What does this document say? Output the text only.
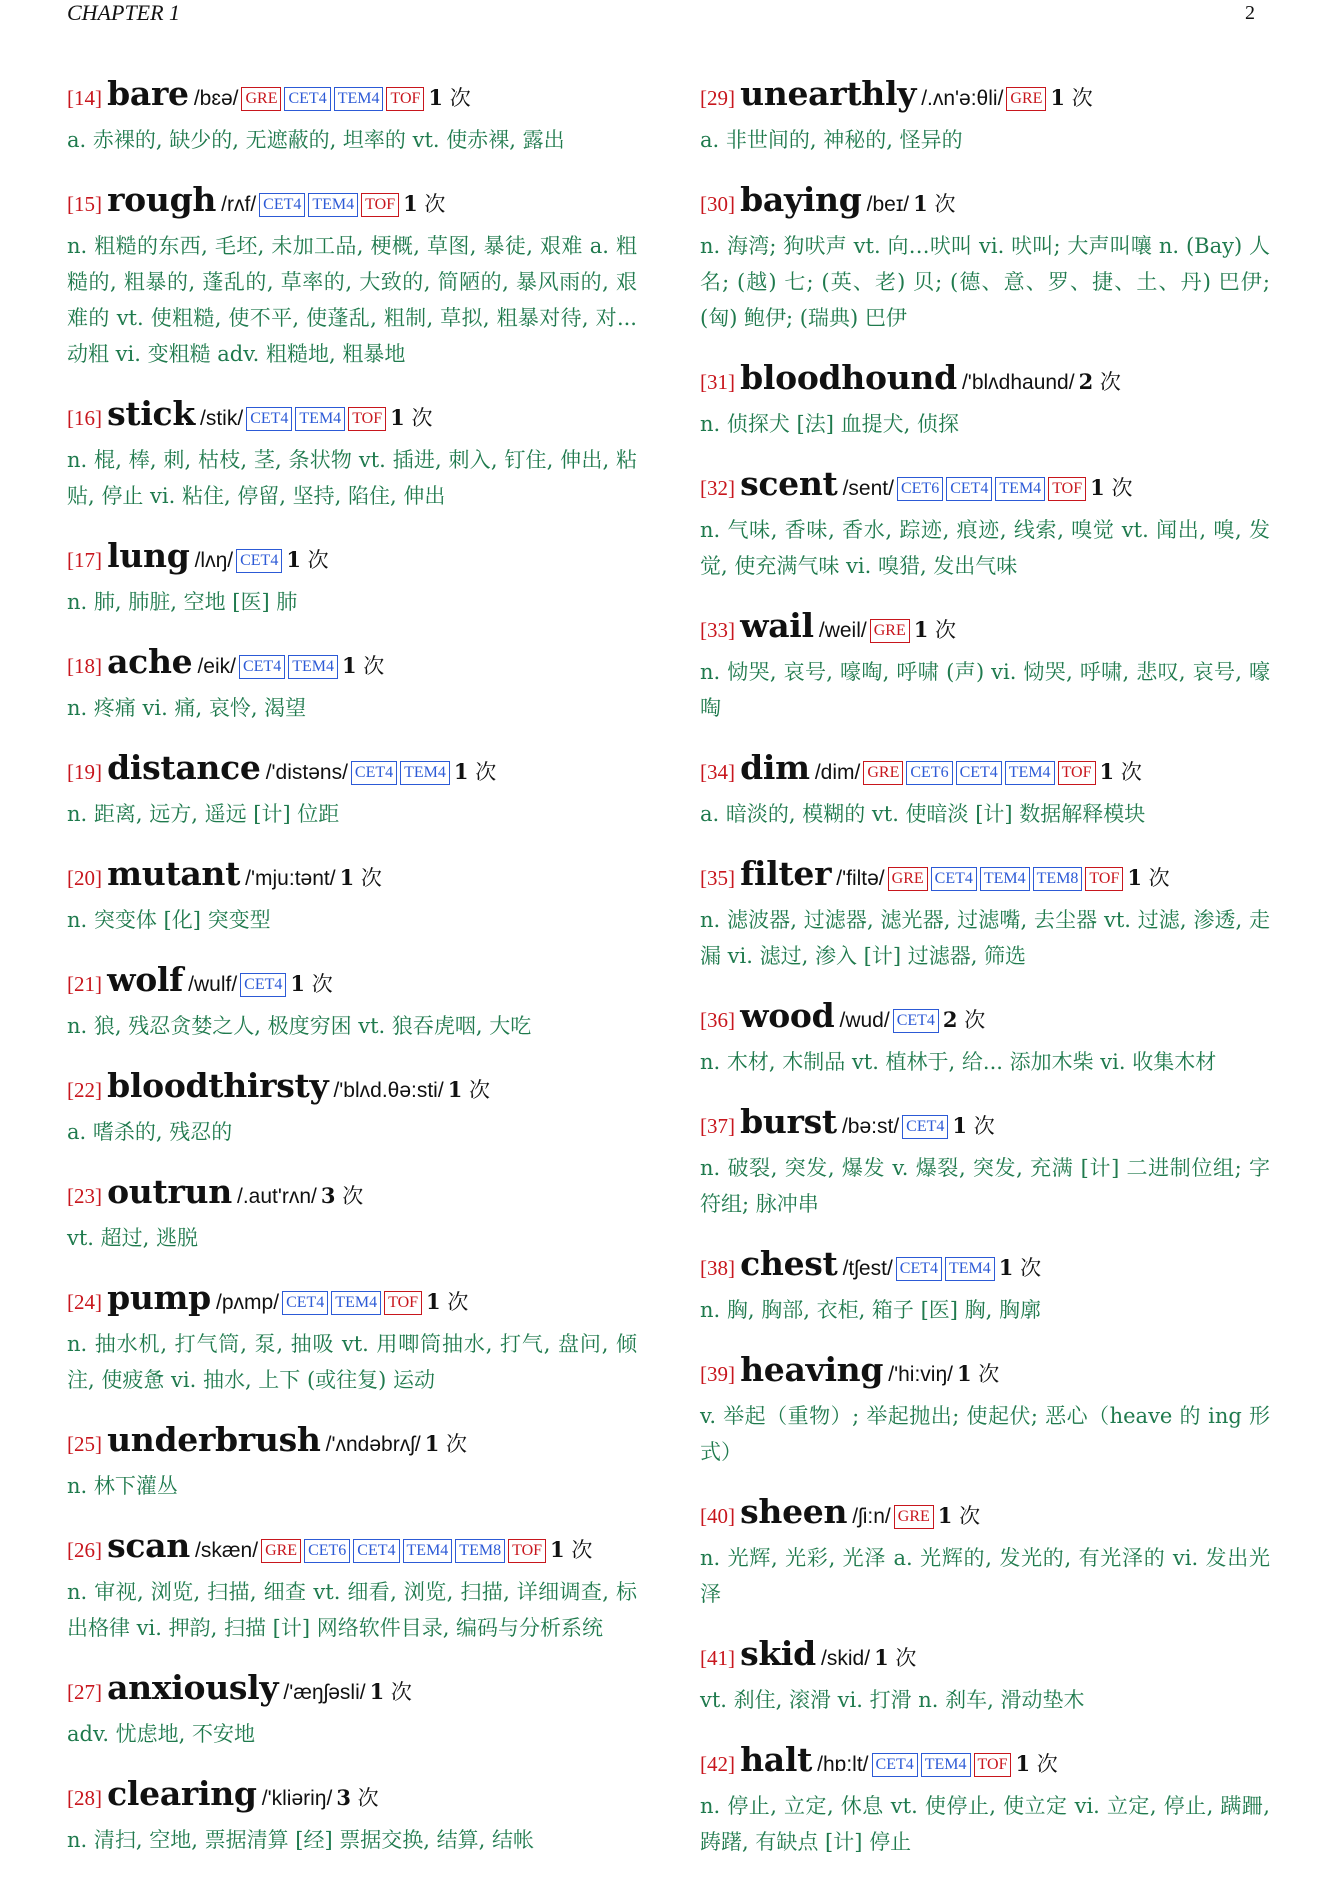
CHAPTER 1	2
[14] bare /bɛə/ GRE CET4 TEM4 TOF 1 次
a. 赤裸的, 缺少的, 无遮蔽的, 坦率的 vt. 使赤裸, 露出
[15] rough /rʌf/ CET4 TEM4 TOF 1 次
n. 粗糙的东西, 毛坯, 未加工品, 梗概, 草图, 暴徒, 艰难 a. 粗糙的, 粗暴的, 蓬乱的, 草率的, 大致的, 简陋的, 暴风雨的, 艰难的 vt. 使粗糙, 使不平, 使蓬乱, 粗制, 草拟, 粗暴对待, 对... 动粗 vi. 变粗糙 adv. 粗糙地, 粗暴地
[16] stick /stik/ CET4 TEM4 TOF 1 次
n. 棍, 棒, 刺, 枯枝, 茎, 条状物 vt. 插进, 刺入, 钉住, 伸出, 粘贴, 停止 vi. 粘住, 停留, 坚持, 陷住, 伸出
[17] lung /lʌŋ/ CET4 1 次
n. 肺, 肺脏, 空地 [医] 肺
[18] ache /eik/ CET4 TEM4 1 次
n. 疼痛 vi. 痛, 哀怜, 渴望
[19] distance /'distəns/ CET4 TEM4 1 次
n. 距离, 远方, 遥远 [计] 位距
[20] mutant /'mju:tənt/ 1 次
n. 突变体 [化] 突变型
[21] wolf /wulf/ CET4 1 次
n. 狼, 残忍贪婪之人, 极度穷困 vt. 狼吞虎咽, 大吃
[22] bloodthirsty /'blʌd.θə:sti/ 1 次
a. 嗜杀的, 残忍的
[23] outrun /.aut'rʌn/ 3 次
vt. 超过, 逃脱
[24] pump /pʌmp/ CET4 TEM4 TOF 1 次
n. 抽水机, 打气筒, 泵, 抽吸 vt. 用唧筒抽水, 打气, 盘问, 倾注, 使疲惫 vi. 抽水, 上下 (或往复) 运动
[25] underbrush /'ʌndəbrʌʃ/ 1 次
n. 林下灌丛
[26] scan /skæn/ GRE CET6 CET4 TEM4 TEM8 TOF 1 次
n. 审视, 浏览, 扫描, 细查 vt. 细看, 浏览, 扫描, 详细调查, 标出格律 vi. 押韵, 扫描 [计] 网络软件目录, 编码与分析系统
[27] anxiously /'æŋʃəsli/ 1 次
adv. 忧虑地, 不安地
[28] clearing /'kliəriŋ/ 3 次
n. 清扫, 空地, 票据清算 [经] 票据交换, 结算, 结帐
[29] unearthly /.ʌn'ə:θli/ GRE 1 次
a. 非世间的, 神秘的, 怪异的
[30] baying /beɪ/ 1 次
n. 海湾; 狗吠声 vt. 向…吠叫 vi. 吠叫; 大声叫嚷 n. (Bay) 人名; (越) 七; (英、老) 贝; (德、意、罗、捷、土、丹) 巴伊; (匈) 鲍伊; (瑞典) 巴伊
[31] bloodhound /'blʌdhaund/ 2 次
n. 侦探犬 [法] 血提犬, 侦探
[32] scent /sent/ CET6 CET4 TEM4 TOF 1 次
n. 气味, 香味, 香水, 踪迹, 痕迹, 线索, 嗅觉 vt. 闻出, 嗅, 发觉, 使充满气味 vi. 嗅猎, 发出气味
[33] wail /weil/ GRE 1 次
n. 恸哭, 哀号, 嚎啕, 呼啸 (声) vi. 恸哭, 呼啸, 悲叹, 哀号, 嚎啕
[34] dim /dim/ GRE CET6 CET4 TEM4 TOF 1 次
a. 暗淡的, 模糊的 vt. 使暗淡 [计] 数据解释模块
[35] filter /'filtə/ GRE CET4 TEM4 TEM8 TOF 1 次
n. 滤波器, 过滤器, 滤光器, 过滤嘴, 去尘器 vt. 过滤, 渗透, 走漏 vi. 滤过, 渗入 [计] 过滤器, 筛选
[36] wood /wud/ CET4 2 次
n. 木材, 木制品 vt. 植林于, 给... 添加木柴 vi. 收集木材
[37] burst /bə:st/ CET4 1 次
n. 破裂, 突发, 爆发 v. 爆裂, 突发, 充满 [计] 二进制位组; 字符组; 脉冲串
[38] chest /tʃest/ CET4 TEM4 1 次
n. 胸, 胸部, 衣柜, 箱子 [医] 胸, 胸廓
[39] heaving /'hi:viŋ/ 1 次
v. 举起（重物）; 举起抛出; 使起伏; 恶心（heave 的 ing 形式）
[40] sheen /ʃi:n/ GRE 1 次
n. 光辉, 光彩, 光泽 a. 光辉的, 发光的, 有光泽的 vi. 发出光泽
[41] skid /skid/ 1 次
vt. 刹住, 滚滑 vi. 打滑 n. 刹车, 滑动垫木
[42] halt /hɒ:lt/ CET4 TEM4 TOF 1 次
n. 停止, 立定, 休息 vt. 使停止, 使立定 vi. 立定, 停止, 蹒跚, 踌躇, 有缺点 [计] 停止
